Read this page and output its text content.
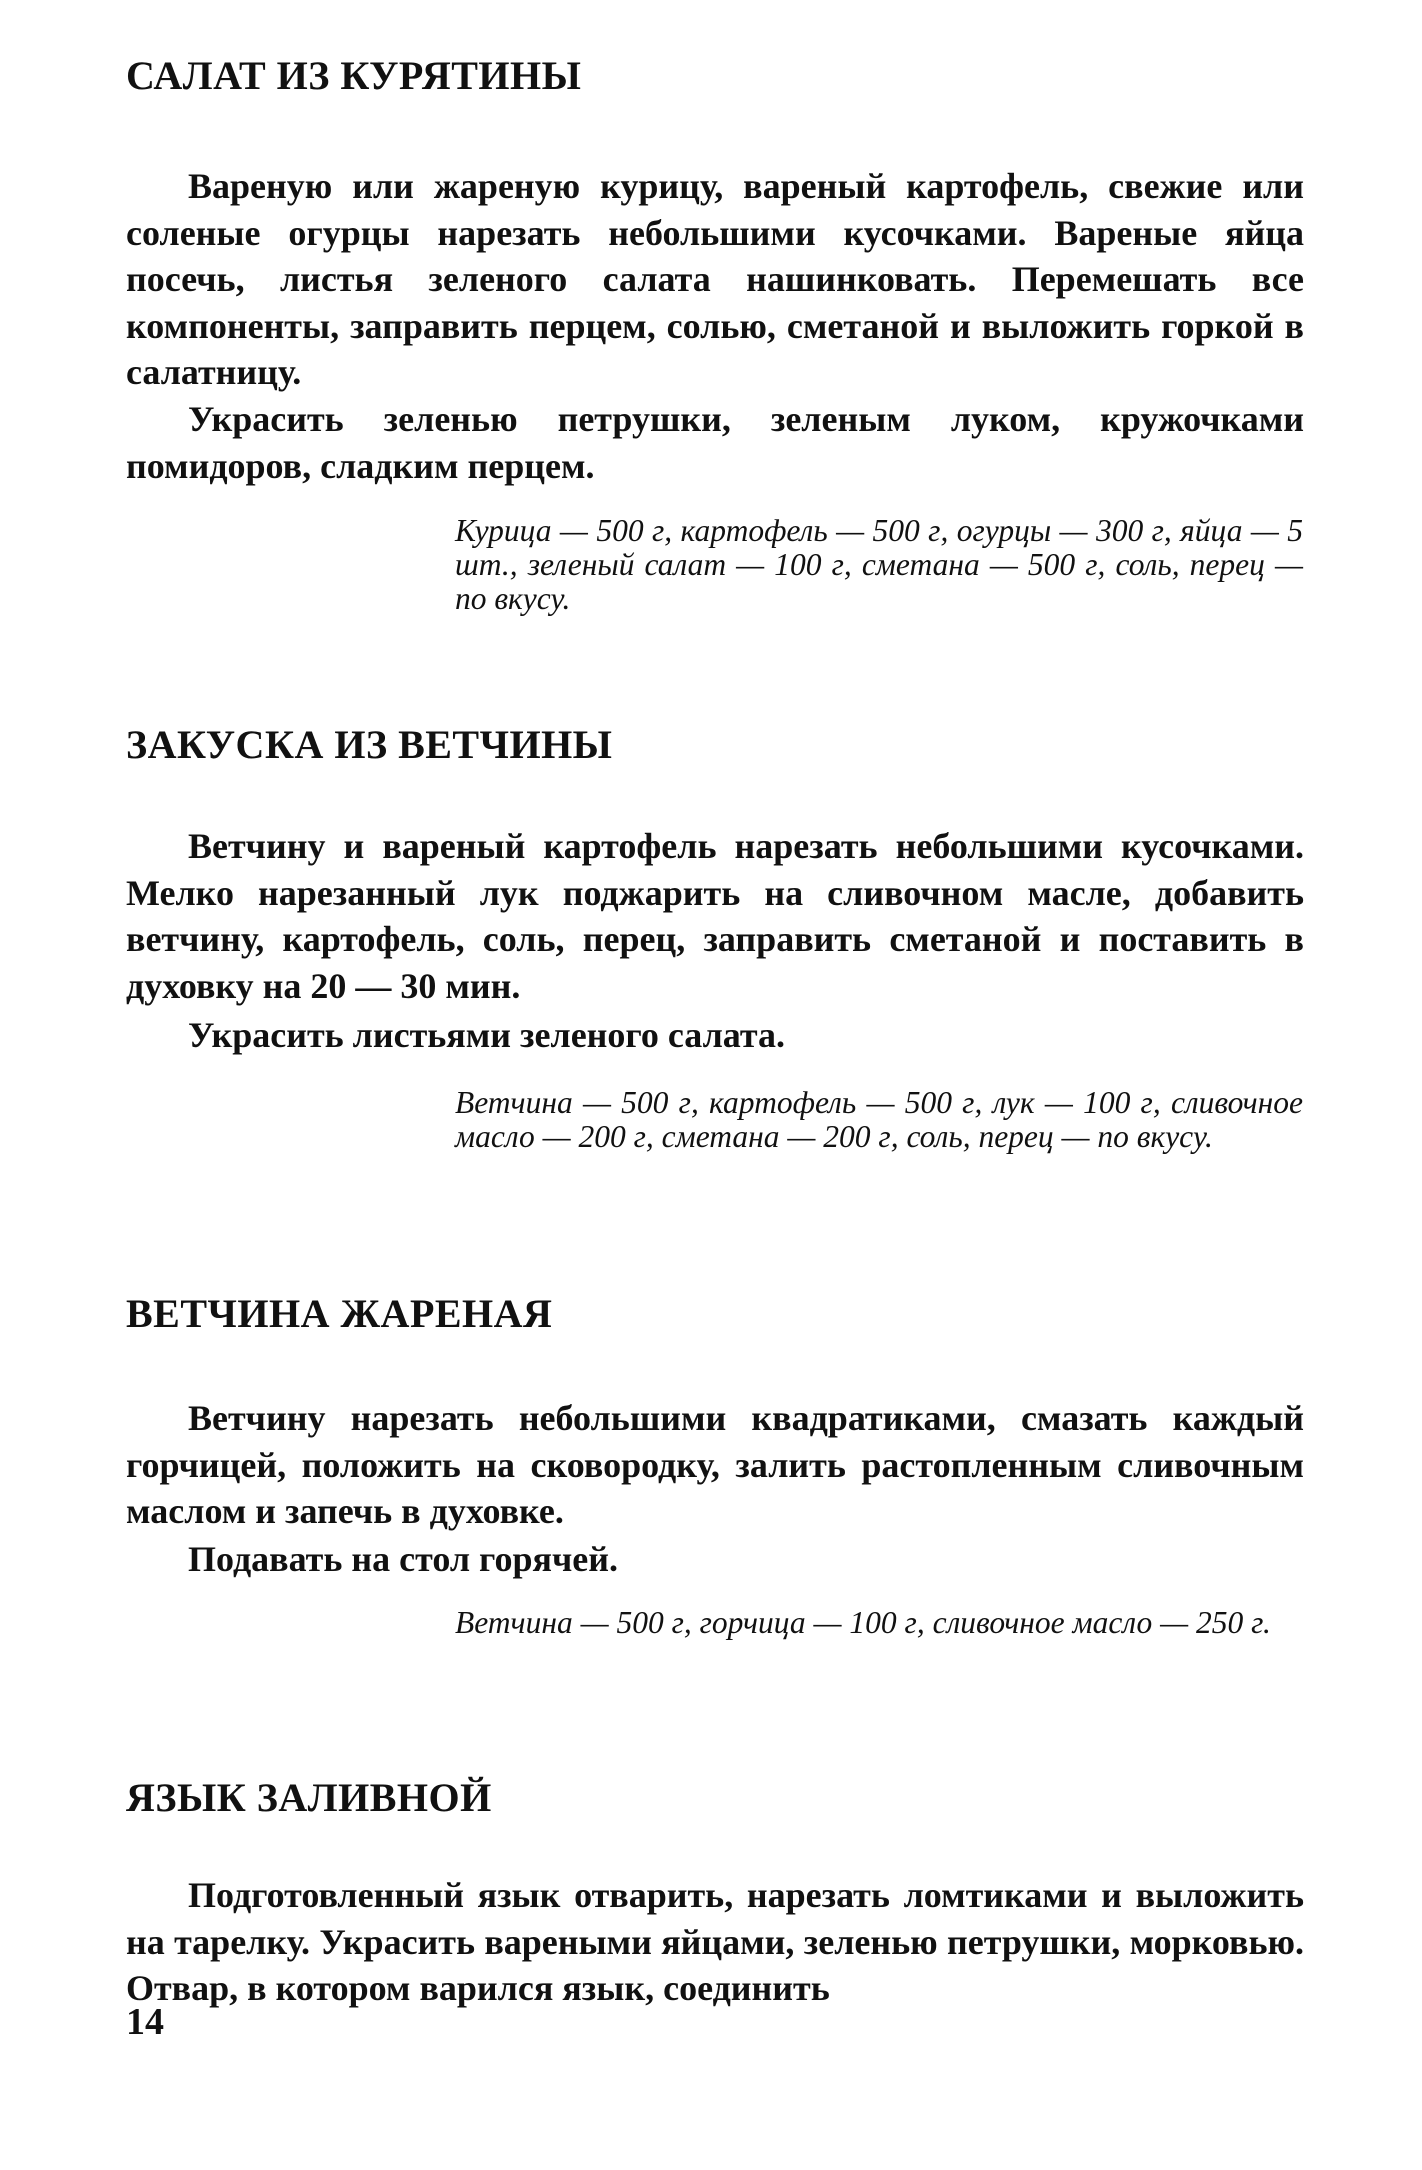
САЛАТ ИЗ КУРЯТИНЫ

Вареную или жареную курицу, вареный картофель, свежие или соленые огурцы нарезать небольшими кусочками. Вареные яйца посечь, листья зеленого салата нашинковать. Перемешать все компоненты, заправить перцем, солью, сметаной и выложить горкой в салатницу.

Украсить зеленью петрушки, зеленым луком, кружочками помидоров, сладким перцем.

Курица — 500 г, картофель — 500 г, огурцы — 300 г, яйца — 5 шт., зеленый салат — 100 г, сметана — 500 г, соль, перец — по вкусу.

ЗАКУСКА ИЗ ВЕТЧИНЫ

Ветчину и вареный картофель нарезать небольшими кусочками. Мелко нарезанный лук поджарить на сливочном масле, добавить ветчину, картофель, соль, перец, заправить сметаной и поставить в духовку на 20 — 30 мин.

Украсить листьями зеленого салата.

Ветчина — 500 г, картофель — 500 г, лук — 100 г, сливочное масло — 200 г, сметана — 200 г, соль, перец — по вкусу.

ВЕТЧИНА ЖАРЕНАЯ

Ветчину нарезать небольшими квадратиками, смазать каждый горчицей, положить на сковородку, залить растопленным сливочным маслом и запечь в духовке.

Подавать на стол горячей.

Ветчина — 500 г, горчица — 100 г, сливочное масло — 250 г.

ЯЗЫК ЗАЛИВНОЙ

Подготовленный язык отварить, нарезать ломтиками и выложить на тарелку. Украсить вареными яйцами, зеленью петрушки, морковью. Отвар, в котором варился язык, соединить

14
